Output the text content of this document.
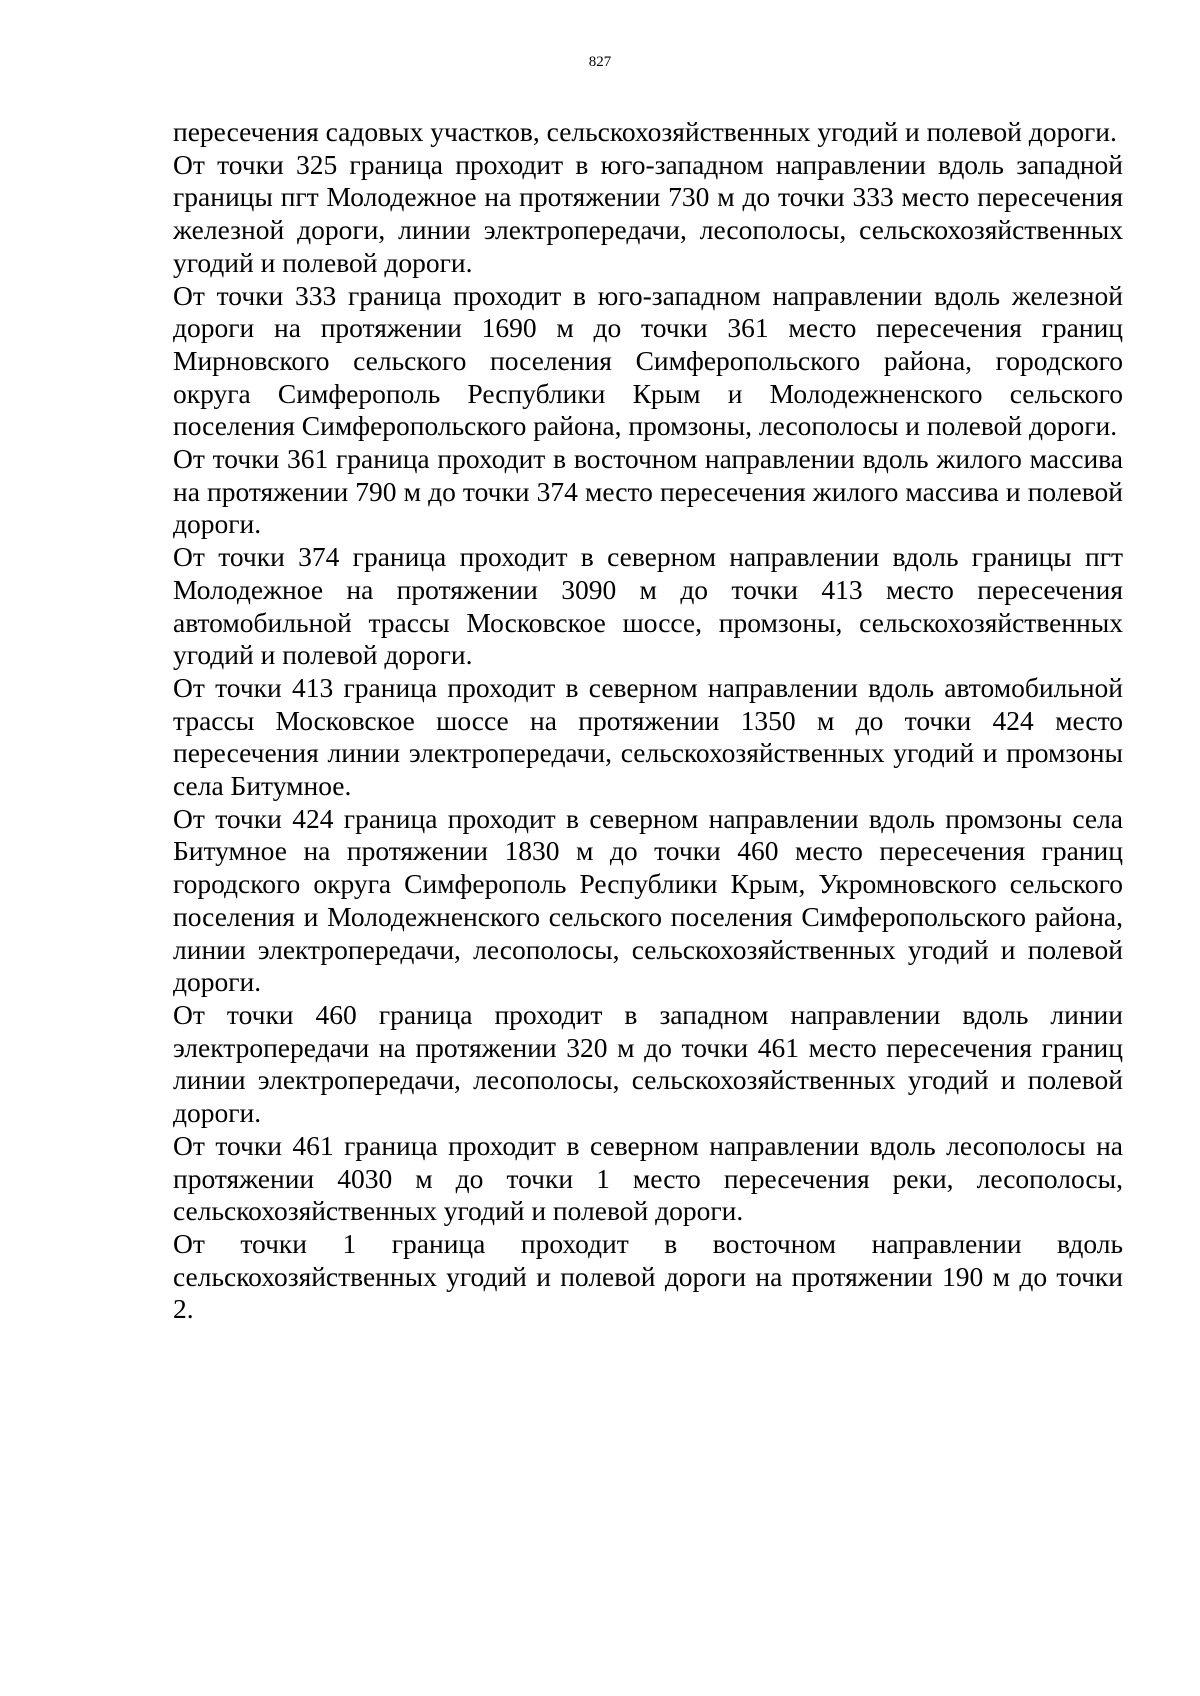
827

пересечения садовых участков, сельскохозяйственных угодий и полевой дороги.

От точки 325 граница проходит в юго-западном направлении вдоль западной границы пгт Молодежное на протяжении 730 м до точки 333 место пересечения железной дороги, линии электропередачи, лесополосы, сельскохозяйственных угодий и полевой дороги.

От точки 333 граница проходит в юго-западном направлении вдоль железной дороги на протяжении 1690 м до точки 361 место пересечения границ Мирновского сельского поселения Симферопольского района, городского округа Симферополь Республики Крым и Молодежненского сельского поселения Симферопольского района, промзоны, лесополосы и полевой дороги.

От точки 361 граница проходит в восточном направлении вдоль жилого массива на протяжении 790 м до точки 374 место пересечения жилого массива и полевой дороги.

От точки 374 граница проходит в северном направлении вдоль границы пгт Молодежное на протяжении 3090 м до точки 413 место пересечения автомобильной трассы Московское шоссе, промзоны, сельскохозяйственных угодий и полевой дороги.

От точки 413 граница проходит в северном направлении вдоль автомобильной трассы Московское шоссе на протяжении 1350 м до точки 424 место пересечения линии электропередачи, сельскохозяйственных угодий и промзоны села Битумное.

От точки 424 граница проходит в северном направлении вдоль промзоны села Битумное на протяжении 1830 м до точки 460 место пересечения границ городского округа Симферополь Республики Крым, Укромновского сельского поселения и Молодежненского сельского поселения Симферопольского района, линии электропередачи, лесополосы, сельскохозяйственных угодий и полевой дороги.

От точки 460 граница проходит в западном направлении вдоль линии электропередачи на протяжении 320 м до точки 461 место пересечения границ линии электропередачи, лесополосы, сельскохозяйственных угодий и полевой дороги.

От точки 461 граница проходит в северном направлении вдоль лесополосы на протяжении 4030 м до точки 1 место пересечения реки, лесополосы, сельскохозяйственных угодий и полевой дороги.

От точки 1 граница проходит в восточном направлении вдоль сельскохозяйственных угодий и полевой дороги на протяжении 190 м до точки 2.
